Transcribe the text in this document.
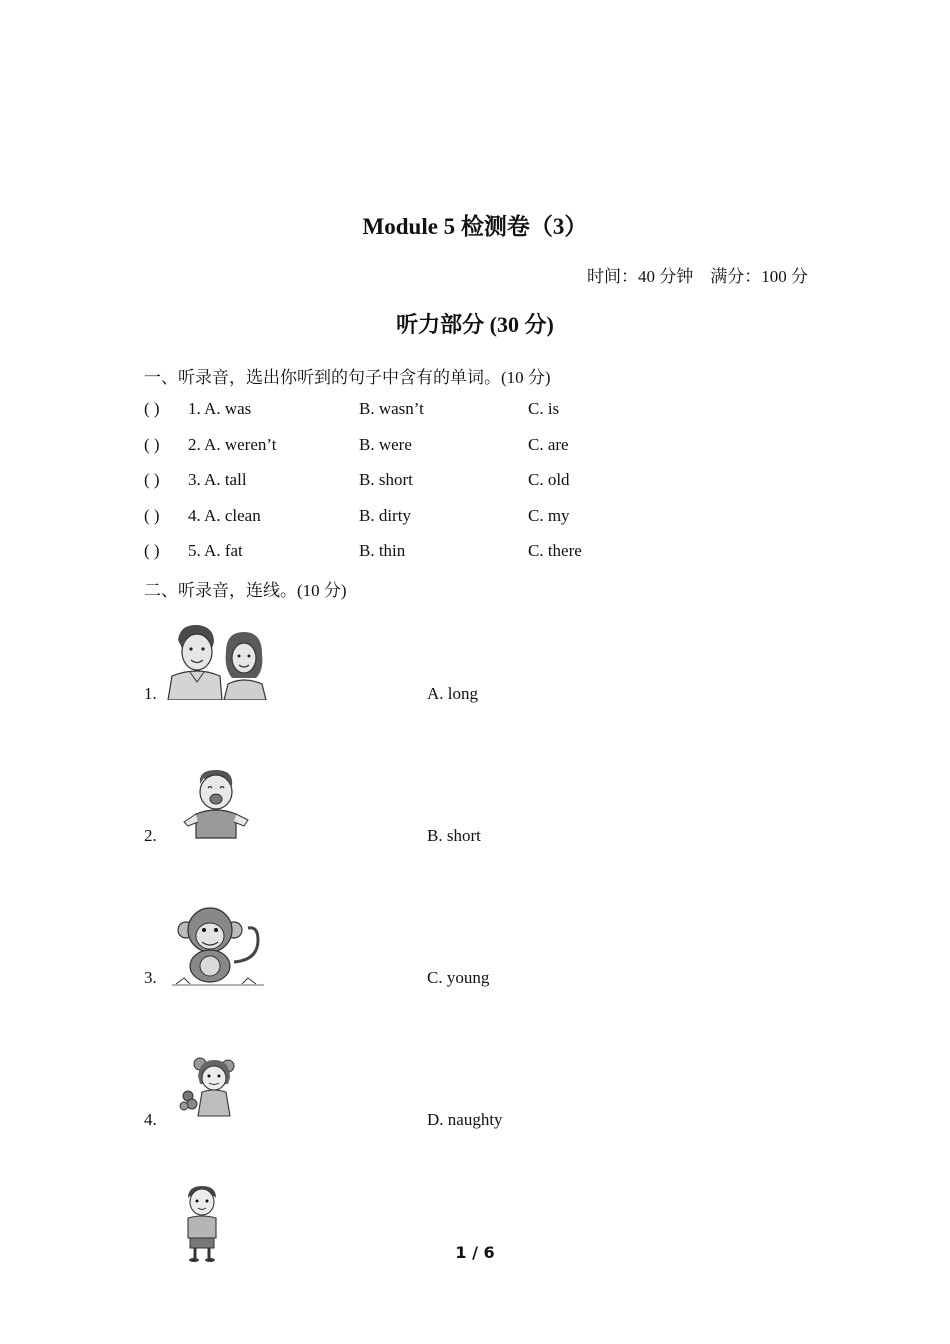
Module 5 检测卷（3）
时间：40 分钟    满分：100 分
听力部分 (30 分)
一、听录音，选出你听到的句子中含有的单词。(10 分)
( ) 1. A. was	B. wasn’t	C. is
( ) 2. A. weren’t	B. were	C. are
( ) 3. A. tall	B. short	C. old
( ) 4. A. clean	B. dirty	C. my
( ) 5. A. fat	B. thin	C. there
二、听录音，连线。(10 分)
1.	A. long
2.	B. short
3.	C. young
4.	D. naughty
1 / 6
